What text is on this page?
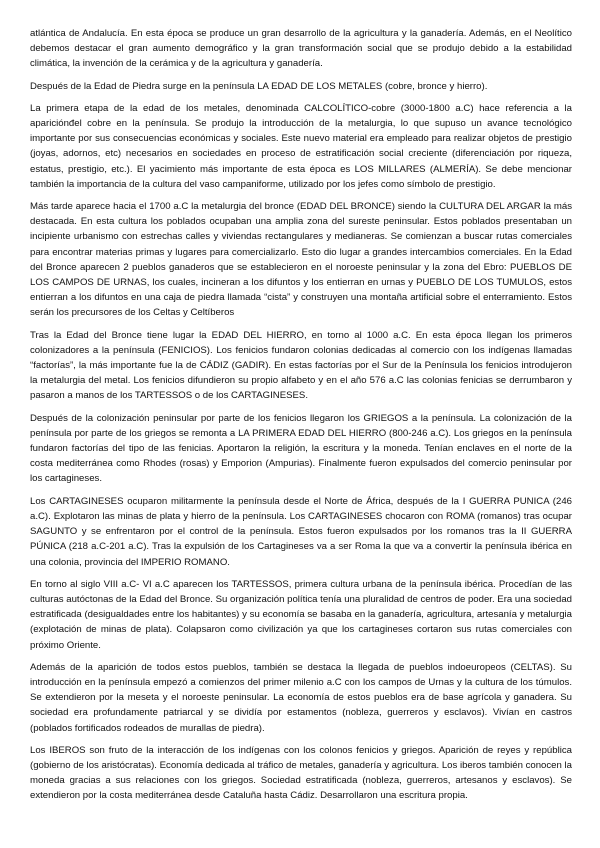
atlántica de Andalucía. En esta época se produce un gran desarrollo de la agricultura y la ganadería. Además, en el Neolítico debemos destacar el gran aumento demográfico y la gran transformación social que se produjo debido a la estabilidad climática, la invención de la cerámica y de la agricultura y ganadería.

Después de la Edad de Piedra surge en la península LA EDAD DE LOS METALES (cobre, bronce y hierro).

La primera etapa de la edad de los metales, denominada CALCOLÍTICO-cobre (3000-1800 a.C) hace referencia a la apariciónđel cobre en la península. Se produjo la introducción de la metalurgia, lo que supuso un avance tecnológico importante por sus consecuencias económicas y sociales. Este nuevo material era empleado para realizar objetos de prestigio (joyas, adornos, etc) necesarios en sociedades en proceso de estratificación social creciente (diferenciación por riqueza, estatus, prestigio, etc.). El yacimiento más importante de esta época es LOS MILLARES (ALMERÍA). Se debe mencionar también la importancia de la cultura del vaso campaniforme, utilizado por los jefes como símbolo de prestigio.

Más tarde aparece hacia el 1700 a.C la metalurgia del bronce (EDAD DEL BRONCE) siendo la CULTURA DEL ARGAR la más destacada. En esta cultura los poblados ocupaban una amplia zona del sureste peninsular. Estos poblados presentaban un incipiente urbanismo con estrechas calles y viviendas rectangulares y medianeras. Se comienzan a buscar rutas comerciales para encontrar materias primas y lugares para comercializarlo. Esto dio lugar a grandes intercambios comerciales. En la Edad del Bronce aparecen 2 pueblos ganaderos que se establecieron en el noroeste peninsular y la zona del Ebro: PUEBLOS DE LOS CAMPOS DE URNAS, los cuales, incineran a los difuntos y los entierran en urnas y PUEBLO DE LOS TUMULOS, estos entierran a los difuntos en una caja de piedra llamada “cista” y construyen una montaña artificial sobre el enterramiento. Estos serán los precursores de los Celtas y Celtíberos

Tras la Edad del Bronce tiene lugar la EDAD DEL HIERRO, en torno al 1000 a.C. En esta época llegan los primeros colonizadores a la península (FENICIOS). Los fenicios fundaron colonias dedicadas al comercio con los indígenas llamadas “factorías”, la más importante fue la de CÁDIZ (GADIR). En estas factorías por el Sur de la Península los fenicios introdujeron la metalurgia del metal. Los fenicios difundieron su propio alfabeto y en el año 576 a.C las colonias fenicias se derrumbaron y pasaron a manos de los TARTESSOS o de los CARTAGINESES.

Después de la colonización peninsular por parte de los fenicios llegaron los GRIEGOS a la península. La colonización de la península por parte de los griegos se remonta a LA PRIMERA EDAD DEL HIERRO (800-246 a.C). Los griegos en la península fundaron factorías del tipo de las fenicias. Aportaron la religión, la escritura y la moneda. Tenían enclaves en el norte de la costa mediterránea como Rhodes (rosas) y Emporion (Ampurias). Finalmente fueron expulsados del comercio peninsular por los cartagineses.

Los CARTAGINESES ocuparon militarmente la península desde el Norte de África, después de la I GUERRA PUNICA (246 a.C). Explotaron las minas de plata y hierro de la península. Los CARTAGINESES chocaron con ROMA (romanos) tras ocupar SAGUNTO y se enfrentaron por el control de la península. Estos fueron expulsados por los romanos tras la II GUERRA PÚNICA (218 a.C-201 a.C). Tras la expulsión de los Cartagineses va a ser Roma la que va a convertir la península ibérica en una colonia, provincia del IMPERIO ROMANO.

En torno al siglo VIII a.C- VI a.C aparecen los TARTESSOS, primera cultura urbana de la península ibérica. Procedían de las culturas autóctonas de la Edad del Bronce. Su organización política tenía una pluralidad de centros de poder. Era una sociedad estratificada (desigualdades entre los habitantes) y su economía se basaba en la ganadería, agricultura, artesanía y metalurgia (explotación de minas de plata). Colapsaron como civilización ya que los cartagineses cortaron sus rutas comerciales con próximo Oriente.

Además de la aparición de todos estos pueblos, también se destaca la llegada de pueblos indoeuropeos (CELTAS). Su introducción en la península empezó a comienzos del primer milenio a.C con los campos de Urnas y la cultura de los túmulos. Se extendieron por la meseta y el noroeste peninsular. La economía de estos pueblos era de base agrícola y ganadera. Su sociedad era profundamente patriarcal y se dividía por estamentos (nobleza, guerreros y esclavos). Vivían en castros (poblados fortificados rodeados de murallas de piedra).

Los IBEROS son fruto de la interacción de los indígenas con los colonos fenicios y griegos. Aparición de reyes y república (gobierno de los aristócratas). Economía dedicada al tráfico de metales, ganadería y agricultura. Los iberos también conocen la moneda gracias a sus relaciones con los griegos. Sociedad estratificada (nobleza, guerreros, artesanos y esclavos). Se extendieron por la costa mediterránea desde Cataluña hasta Cádiz. Desarrollaron una escritura propia.
